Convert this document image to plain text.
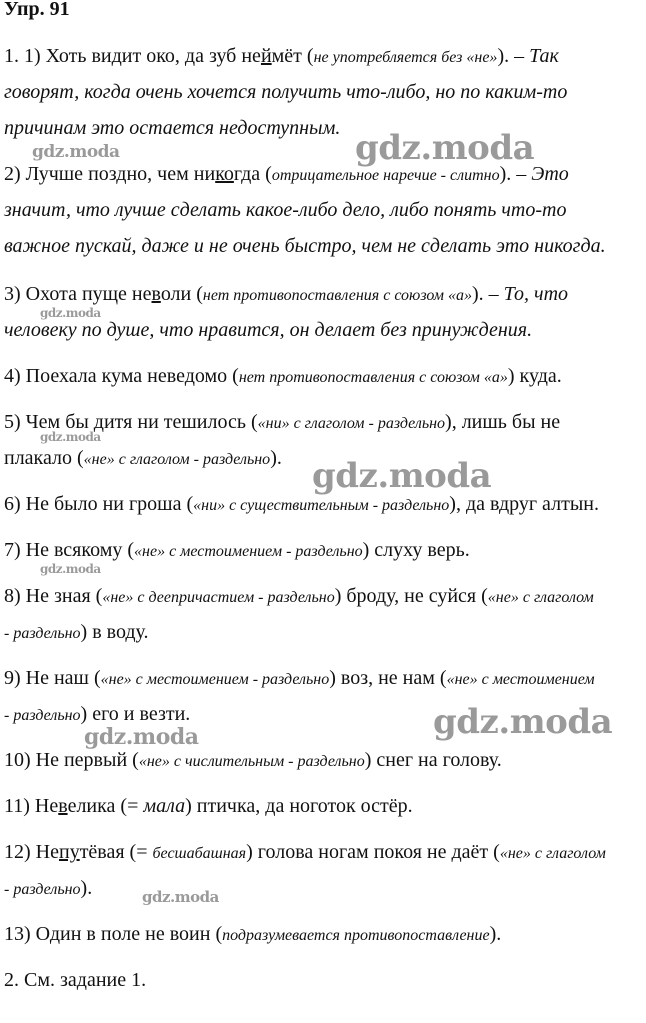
Упр. 91
1. 1) Хоть видит око, да зуб неймёт (не употребляется без «не»). – Так
говорят, когда очень хочется получить что-либо, но по каким-то
причинам это остается недоступным.
2) Лучше поздно, чем никогда (отрицательное наречие - слитно). – Это
значит, что лучше сделать какое-либо дело, либо понять что-то
важное пускай, даже и не очень быстро, чем не сделать это никогда.
3) Охота пуще неволи (нет противопоставления с союзом «а»). – То, что
человеку по душе, что нравится, он делает без принуждения.
4) Поехала кума неведомо (нет противопоставления с союзом «а») куда.
5) Чем бы дитя ни тешилось («ни» с глаголом - раздельно), лишь бы не
плакало («не» с глаголом - раздельно).
6) Не было ни гроша («ни» с существительным - раздельно), да вдруг алтын.
7) Не всякому («не» с местоимением - раздельно) слуху верь.
8) Не зная («не» с деепричастием - раздельно) броду, не суйся («не» с глаголом
- раздельно) в воду.
9) Не наш («не» с местоимением - раздельно) воз, не нам («не» с местоимением
- раздельно) его и везти.
10) Не первый («не» с числительным - раздельно) снег на голову.
11) Невелика (= мала) птичка, да ноготок остёр.
12) Непутёвая (= бесшабашная) голова ногам покоя не даёт («не» с глаголом
- раздельно).
13) Один в поле не воин (подразумевается противопоставление).
2. См. задание 1.
gdz.moda	gdz.moda
gdz.moda
gdz.moda
gdz.moda
gdz.moda
gdz.moda
gdz.moda
gdz.moda
